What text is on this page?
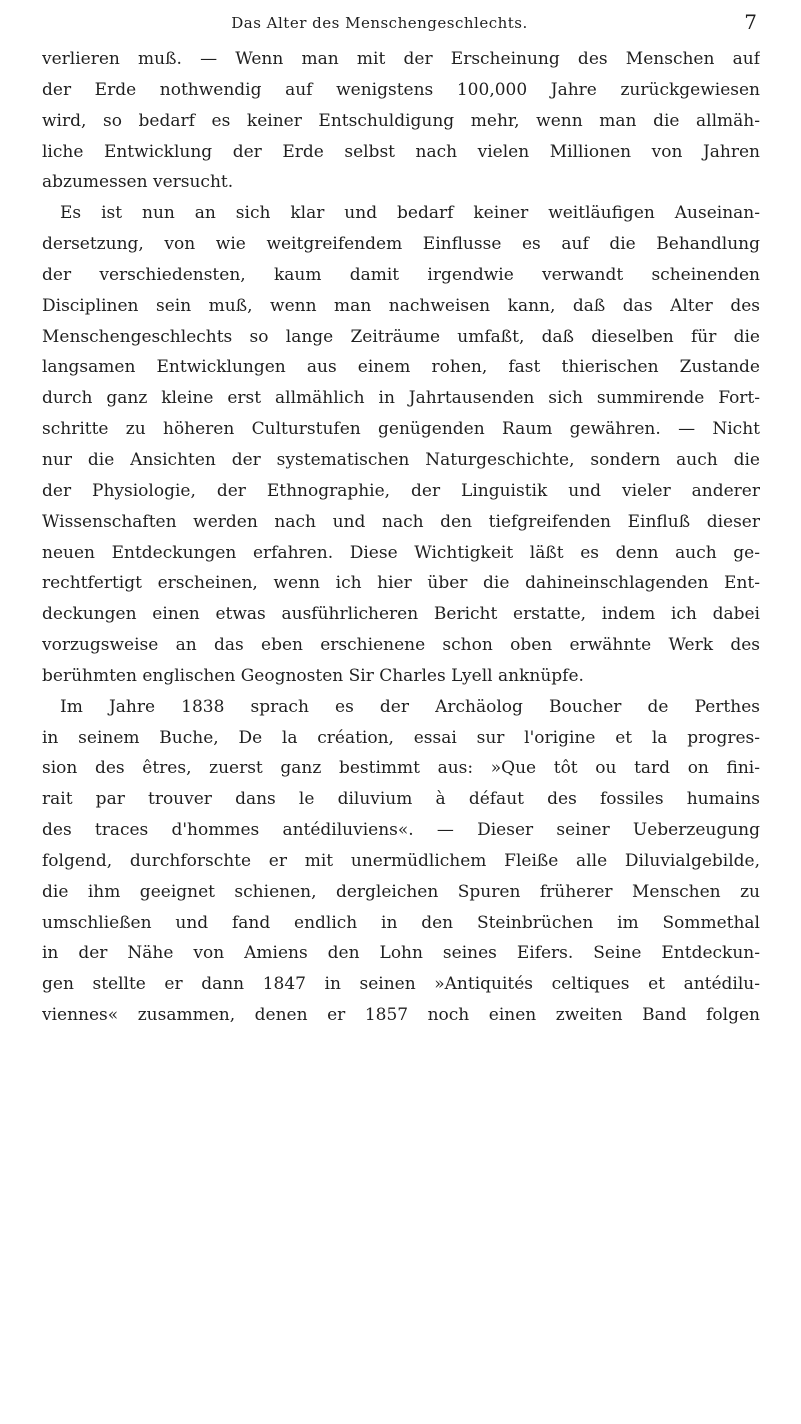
Das Alter des Menschengeschlechts.	7
verlieren muß. — Wenn man mit der Erscheinung des Menschen auf
der Erde nothwendig auf wenigstens 100,000 Jahre zurückgewiesen
wird, so bedarf es keiner Entschuldigung mehr, wenn man die allmäh-
liche Entwicklung der Erde selbst nach vielen Millionen von Jahren
abzumessen versucht.
Es ist nun an sich klar und bedarf keiner weitläufigen Auseinan-
dersetzung, von wie weitgreifendem Einflusse es auf die Behandlung
der verschiedensten, kaum damit irgendwie verwandt scheinenden
Disciplinen sein muß, wenn man nachweisen kann, daß das Alter des
Menschengeschlechts so lange Zeiträume umfaßt, daß dieselben für die
langsamen Entwicklungen aus einem rohen, fast thierischen Zustande
durch ganz kleine erst allmählich in Jahrtausenden sich summirende Fort-
schritte zu höheren Culturstufen genügenden Raum gewähren. — Nicht
nur die Ansichten der systematischen Naturgeschichte, sondern auch die
der Physiologie, der Ethnographie, der Linguistik und vieler anderer
Wissenschaften werden nach und nach den tiefgreifenden Einfluß dieser
neuen Entdeckungen erfahren. Diese Wichtigkeit läßt es denn auch ge-
rechtfertigt erscheinen, wenn ich hier über die dahineinschlagenden Ent-
deckungen einen etwas ausführlicheren Bericht erstatte, indem ich dabei
vorzugsweise an das eben erschienene schon oben erwähnte Werk des
berühmten englischen Geognosten Sir Charles Lyell anknüpfe.
Im Jahre 1838 sprach es der Archäolog Boucher de Perthes
in seinem Buche, De la création, essai sur l'origine et la progres-
sion des êtres, zuerst ganz bestimmt aus: »Que tôt ou tard on fini-
rait par trouver dans le diluvium à défaut des fossiles humains
des traces d'hommes antédiluviens«. — Dieser seiner Ueberzeugung
folgend, durchforschte er mit unermüdlichem Fleiße alle Diluvialgebilde,
die ihm geeignet schienen, dergleichen Spuren früherer Menschen zu
umschließen und fand endlich in den Steinbrüchen im Sommethal
in der Nähe von Amiens den Lohn seines Eifers. Seine Entdeckun-
gen stellte er dann 1847 in seinen »Antiquités celtiques et antédilu-
viennes« zusammen, denen er 1857 noch einen zweiten Band folgen
